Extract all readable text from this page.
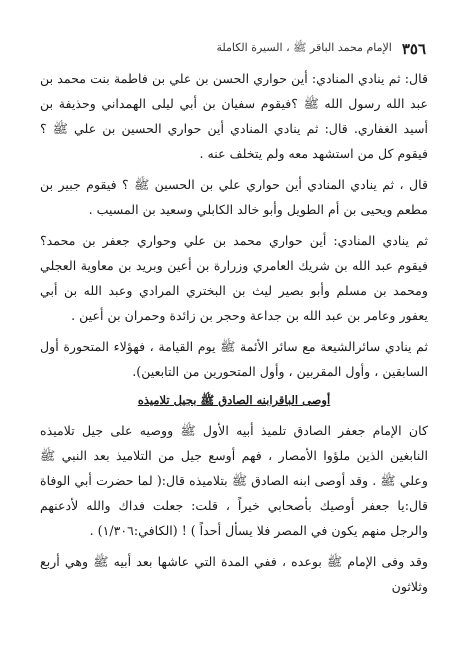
٣٥٦
الإمام محمد الباقر ﷺ ، السيرة الكاملة

قال: ثم ينادي المنادي: أين حواري الحسن بن علي بن فاطمة بنت محمد بن عبد الله رسول الله ﷺ ؟فيقوم سفيان بن أبي ليلى الهمداني وحذيفة بن أسيد الغفاري. قال: ثم ينادي المنادي أين حواري الحسين بن علي ﷺ ؟ فيقوم كل من استشهد معه ولم يتخلف عنه .

قال ، ثم ينادي المنادي أين حواري علي بن الحسين ﷺ ؟ فيقوم جبير بن مطعم ويحيى بن أم الطويل وأبو خالد الكابلي وسعيد بن المسيب .

ثم ينادي المنادي: أين حواري محمد بن علي وحواري جعفر بن محمد؟ فيقوم عبد الله بن شريك العامري وزرارة بن أعين وبريد بن معاوية العجلي ومحمد بن مسلم وأبو بصير ليث بن البختري المرادي وعبد الله بن أبي يعفور وعامر بن عبد الله بن جداعة وحجر بن زائدة وحمران بن أعين .

ثم ينادي سائرالشيعة مع سائر الأئمة ﷺ يوم القيامة ، فهؤلاء المتحورة أول السابقين ، وأول المقربين ، وأول المتحورين من التابعين).

أوصى الباقرابنه الصادق ﷺ بجيل تلاميذه

كان الإمام جعفر الصادق تلميذ أبيه الأول ﷺ ووصيه على جيل تلاميذه النابغين الذين ملؤوا الأمصار ، فهم أوسع جيل من التلاميذ بعد النبي ﷺ وعلي ﷺ . وقد أوصى ابنه الصادق ﷺ بتلاميذه قال:( لما حضرت أبي الوفاة قال:يا جعفر أوصيك بأصحابي خيراً ، قلت: جعلت فداك والله لأدعنهم والرجل منهم يكون في المصر فلا يسأل أحداً ) ! (الكافي:١/٣٠٦) .

وقد وفى الإمام ﷺ بوعده ، ففي المدة التي عاشها بعد أبيه ﷺ وهي أربع وثلاثون
